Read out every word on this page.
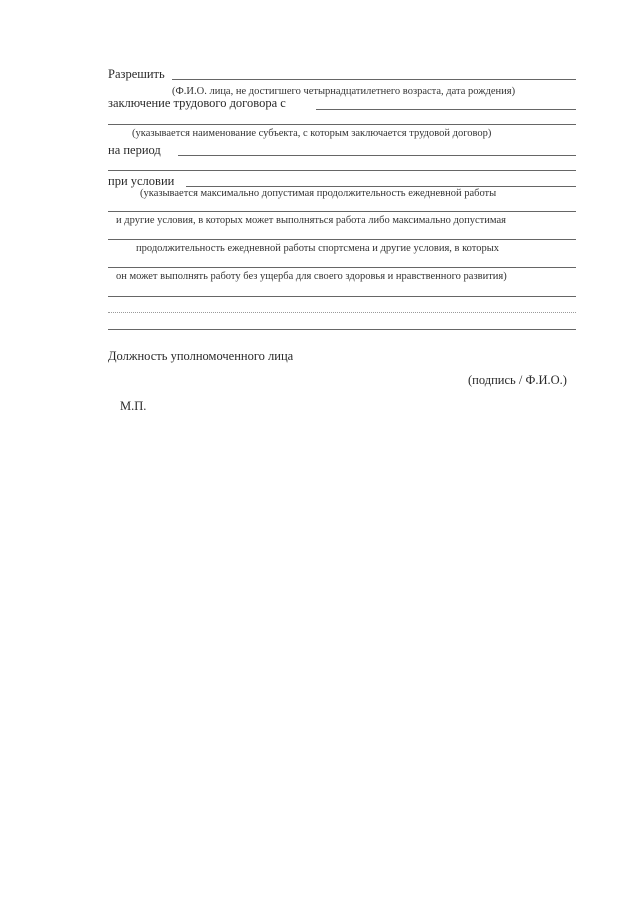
Разрешить
(Ф.И.О. лица, не достигшего четырнадцатилетнего возраста, дата рождения)
заключение трудового договора с
(указывается наименование субъекта, с которым заключается трудовой договор)
на период
при условии
(указывается максимально допустимая продолжительность ежедневной работы
и другие условия, в которых может выполняться работа либо максимально допустимая
продолжительность ежедневной работы спортсмена и другие условия, в которых
он может выполнять работу без ущерба для своего здоровья и нравственного развития)
Должность уполномоченного лица
(подпись / Ф.И.О.)
М.П.
